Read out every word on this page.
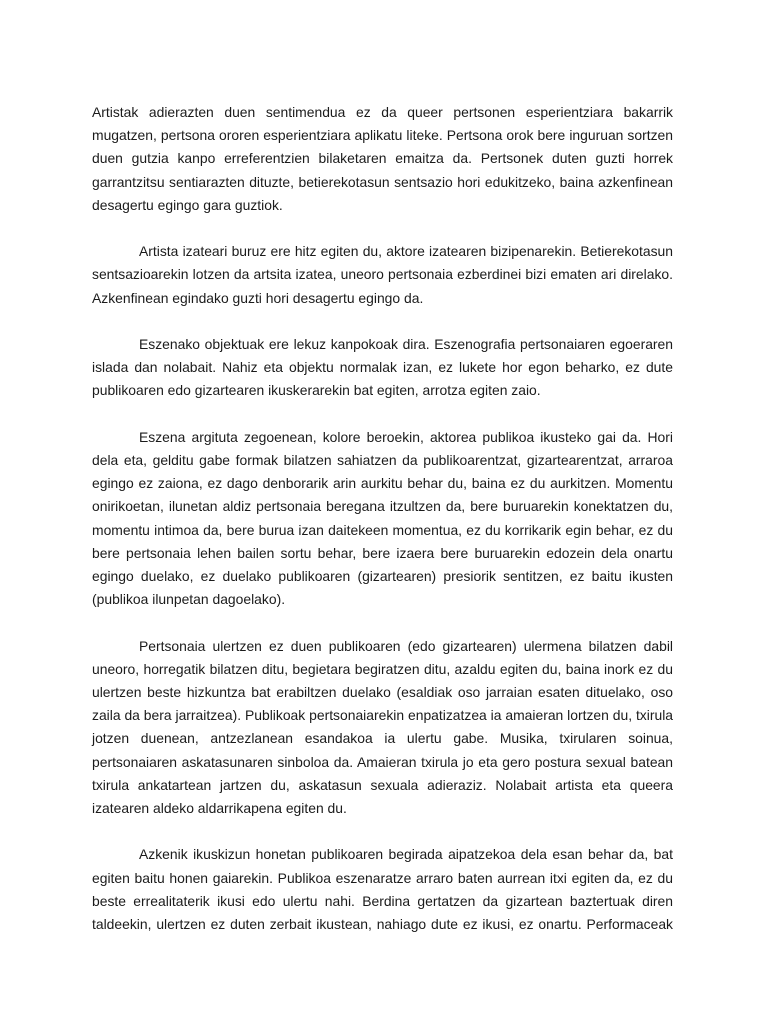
Artistak adierazten duen sentimendua ez da queer pertsonen esperientziara bakarrik mugatzen, pertsona ororen esperientziara aplikatu liteke. Pertsona orok bere inguruan sortzen duen gutzia kanpo erreferentzien bilaketaren emaitza da. Pertsonek duten guzti horrek garrantzitsu sentiarazten dituzte, betierekotasun sentsazio hori edukitzeko, baina azkenfinean desagertu egingo gara guztiok.

Artista izateari buruz ere hitz egiten du, aktore izatearen bizipenarekin. Betierekotasun sentsazioarekin lotzen da artsita izatea, uneoro pertsonaia ezberdinei bizi ematen ari direlako. Azkenfinean egindako guzti hori desagertu egingo da.

Eszenako objektuak ere lekuz kanpokoak dira. Eszenografia pertsonaiaren egoeraren islada dan nolabait. Nahiz eta objektu normalak izan, ez lukete hor egon beharko, ez dute publikoaren edo gizartearen ikuskerarekin bat egiten, arrotza egiten zaio.

Eszena argituta zegoenean, kolore beroekin, aktorea publikoa ikusteko gai da. Hori dela eta, gelditu gabe formak bilatzen sahiatzen da publikoarentzat, gizartearentzat, arraroa egingo ez zaiona, ez dago denborarik arin aurkitu behar du, baina ez du aurkitzen. Momentu onirikoetan, ilunetan aldiz pertsonaia beregana itzultzen da, bere buruarekin konektatzen du, momentu intimoa da, bere burua izan daitekeen momentua, ez du korrikarik egin behar, ez du bere pertsonaia lehen bailen sortu behar, bere izaera bere buruarekin edozein dela onartu egingo duelako, ez duelako publikoaren (gizartearen) presiorik sentitzen, ez baitu ikusten (publikoa ilunpetan dagoelako).

Pertsonaia ulertzen ez duen publikoaren (edo gizartearen) ulermena bilatzen dabil uneoro, horregatik bilatzen ditu, begietara begiratzen ditu, azaldu egiten du, baina inork ez du ulertzen beste hizkuntza bat erabiltzen duelako (esaldiak oso jarraian esaten dituelako, oso zaila da bera jarraitzea). Publikoak pertsonaiarekin enpatizatzea ia amaieran lortzen du, txirula jotzen duenean, antzezlanean esandakoa ia ulertu gabe. Musika, txirularen soinua, pertsonaiaren askatasunaren sinboloa da. Amaieran txirula jo eta gero postura sexual batean txirula ankatartean jartzen du, askatasun sexuala adieraziz. Nolabait artista eta queera izatearen aldeko aldarrikapena egiten du.

Azkenik ikuskizun honetan publikoaren begirada aipatzekoa dela esan behar da, bat egiten baitu honen gaiarekin. Publikoa eszenaratze arraro baten aurrean itxi egiten da, ez du beste errealitaterik ikusi edo ulertu nahi. Berdina gertatzen da gizartean baztertuak diren taldeekin, ulertzen ez duten zerbait ikustean, nahiago dute ez ikusi, ez onartu. Performaceak
